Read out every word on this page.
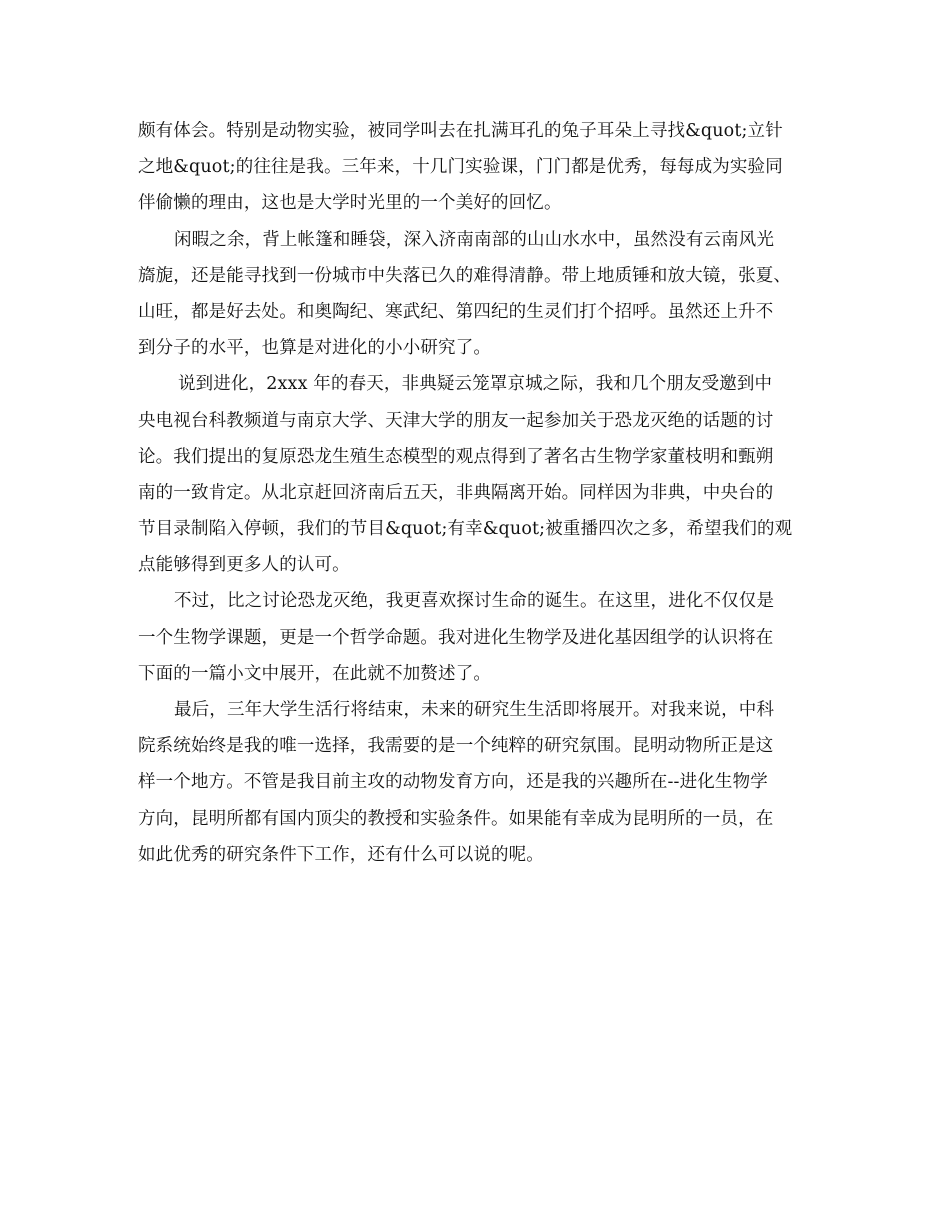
颇有体会。特别是动物实验，被同学叫去在扎满耳孔的兔子耳朵上寻找&quot;立针
之地&quot;的往往是我。三年来，十几门实验课，门门都是优秀，每每成为实验同
伴偷懒的理由，这也是大学时光里的一个美好的回忆。
闲暇之余，背上帐篷和睡袋，深入济南南部的山山水水中，虽然没有云南风光
旖旎，还是能寻找到一份城市中失落已久的难得清静。带上地质锤和放大镜，张夏、
山旺，都是好去处。和奥陶纪、寒武纪、第四纪的生灵们打个招呼。虽然还上升不
到分子的水平，也算是对进化的小小研究了。
说到进化，2xxx 年的春天，非典疑云笼罩京城之际，我和几个朋友受邀到中
央电视台科教频道与南京大学、天津大学的朋友一起参加关于恐龙灭绝的话题的讨
论。我们提出的复原恐龙生殖生态模型的观点得到了著名古生物学家董枝明和甄朔
南的一致肯定。从北京赶回济南后五天，非典隔离开始。同样因为非典，中央台的
节目录制陷入停顿，我们的节目&quot;有幸&quot;被重播四次之多，希望我们的观
点能够得到更多人的认可。
不过，比之讨论恐龙灭绝，我更喜欢探讨生命的诞生。在这里，进化不仅仅是
一个生物学课题，更是一个哲学命题。我对进化生物学及进化基因组学的认识将在
下面的一篇小文中展开，在此就不加赘述了。
最后，三年大学生活行将结束，未来的研究生生活即将展开。对我来说，中科
院系统始终是我的唯一选择，我需要的是一个纯粹的研究氛围。昆明动物所正是这
样一个地方。不管是我目前主攻的动物发育方向，还是我的兴趣所在--进化生物学
方向，昆明所都有国内顶尖的教授和实验条件。如果能有幸成为昆明所的一员，在
如此优秀的研究条件下工作，还有什么可以说的呢。
